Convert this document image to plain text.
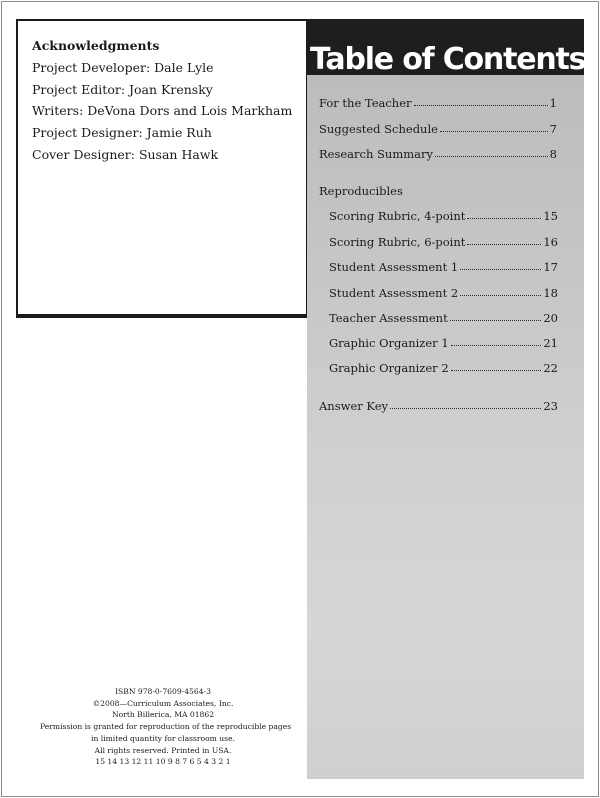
Acknowledgments
Project Developer: Dale Lyle
Project Editor: Joan Krensky
Writers: DeVona Dors and Lois Markham
Project Designer: Jamie Ruh
Cover Designer: Susan Hawk
Table of Contents
For the Teacher	1
Suggested Schedule	7
Research Summary	8
Reproducibles
Scoring Rubric, 4-point	15
Scoring Rubric, 6-point	16
Student Assessment 1	17
Student Assessment 2	18
Teacher Assessment	20
Graphic Organizer 1	21
Graphic Organizer 2	22
Answer Key	23
ISBN 978-0-7609-4564-3
©2008—Curriculum Associates, Inc.
North Billerica, MA 01862
Permission is granted for reproduction of the reproducible pages
in limited quantity for classroom use.
All rights reserved. Printed in USA.
15 14 13 12 11 10 9 8 7 6 5 4 3 2 1
